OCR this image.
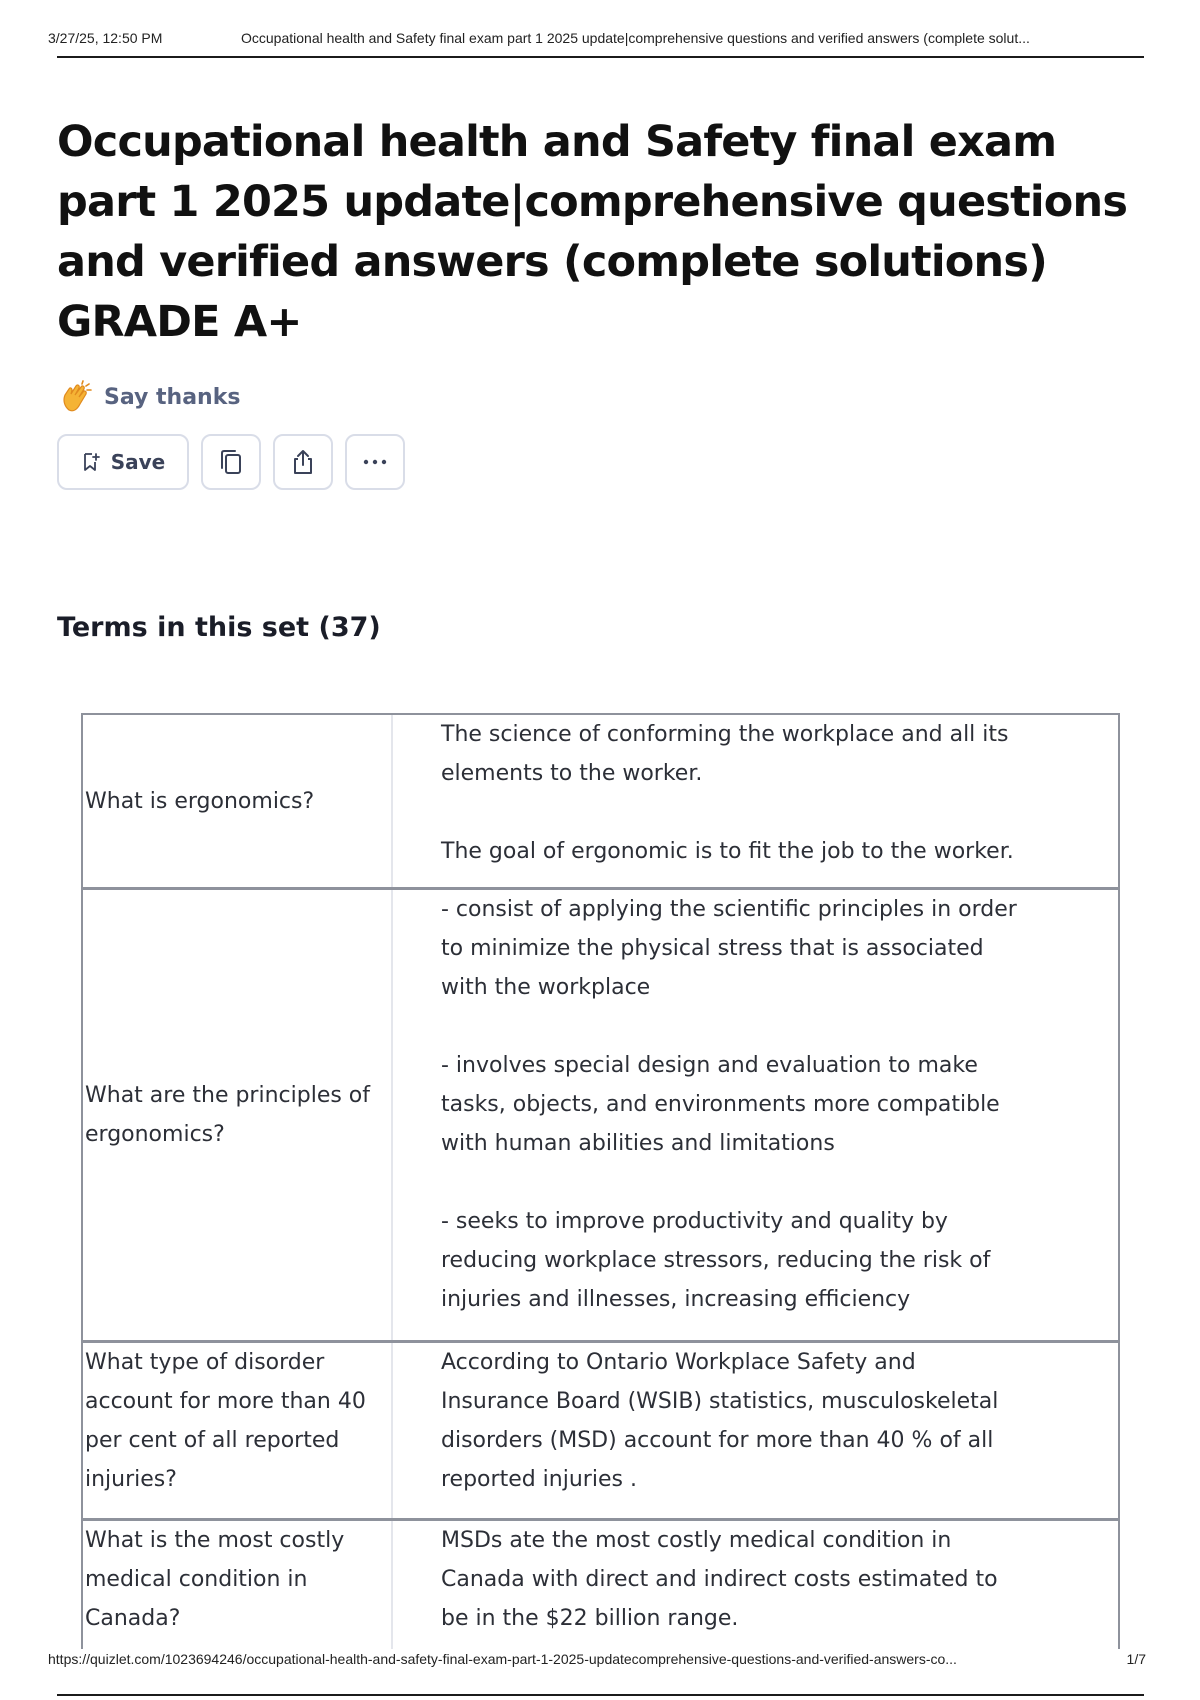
3/27/25, 12:50 PM	Occupational health and Safety final exam part 1 2025 update|comprehensive questions and verified answers (complete solut...
Occupational health and Safety final exam part 1 2025 update|comprehensive questions and verified answers (complete solutions) GRADE A+
Say thanks
Save
Terms in this set (37)
What is ergonomics?
The science of conforming the workplace and all its
elements to the worker.

The goal of ergonomic is to fit the job to the worker.
What are the principles of ergonomics?
- consist of applying the scientific principles in order
to minimize the physical stress that is associated
with the workplace

- involves special design and evaluation to make
tasks, objects, and environments more compatible
with human abilities and limitations

- seeks to improve productivity and quality by
reducing workplace stressors, reducing the risk of
injuries and illnesses, increasing efficiency
What type of disorder account for more than 40 per cent of all reported injuries?
According to Ontario Workplace Safety and
Insurance Board (WSIB) statistics, musculoskeletal
disorders (MSD) account for more than 40 % of all
reported injuries .
What is the most costly medical condition in Canada?
MSDs ate the most costly medical condition in
Canada with direct and indirect costs estimated to
be in the $22 billion range.
https://quizlet.com/1023694246/occupational-health-and-safety-final-exam-part-1-2025-updatecomprehensive-questions-and-verified-answers-co...	1/7
